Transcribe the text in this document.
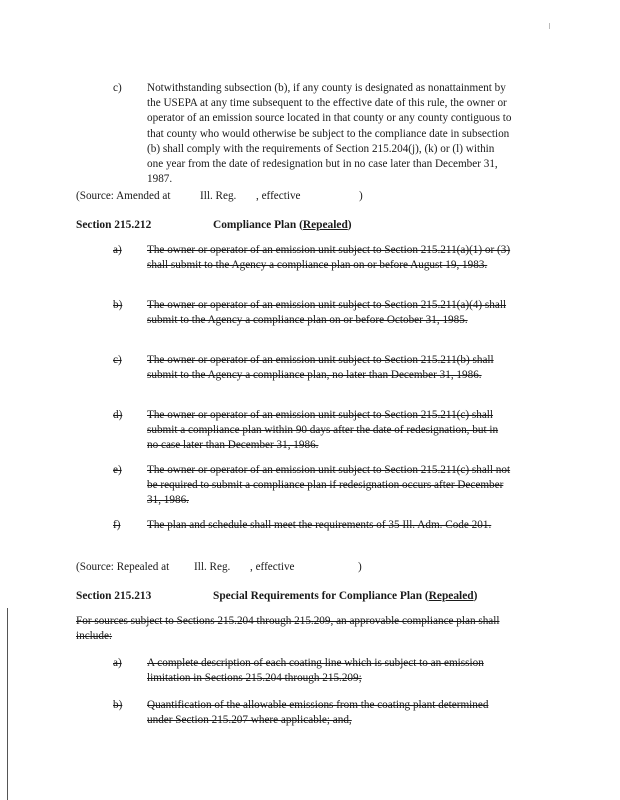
c) Notwithstanding subsection (b), if any county is designated as nonattainment by the USEPA at any time subsequent to the effective date of this rule, the owner or operator of an emission source located in that county or any county contiguous to that county who would otherwise be subject to the compliance date in subsection (b) shall comply with the requirements of Section 215.204(j), (k) or (l) within one year from the date of redesignation but in no case later than December 31, 1987.
(Source: Amended at	Ill. Reg. , effective	)
Section 215.212	Compliance Plan (Repealed)
a) The owner or operator of an emission unit subject to Section 215.211(a)(1) or (3) shall submit to the Agency a compliance plan on or before August 19, 1983.
b) The owner or operator of an emission unit subject to Section 215.211(a)(4) shall submit to the Agency a compliance plan on or before October 31, 1985.
c) The owner or operator of an emission unit subject to Section 215.211(b) shall submit to the Agency a compliance plan, no later than December 31, 1986.
d) The owner or operator of an emission unit subject to Section 215.211(c) shall submit a compliance plan within 90 days after the date of redesignation, but in no case later than December 31, 1986.
e) The owner or operator of an emission unit subject to Section 215.211(c) shall not be required to submit a compliance plan if redesignation occurs after December 31, 1986.
f) The plan and schedule shall meet the requirements of 35 Ill. Adm. Code 201.
(Source: Repealed at Ill. Reg. , effective	)
Section 215.213	Special Requirements for Compliance Plan (Repealed)
For sources subject to Sections 215.204 through 215.209, an approvable compliance plan shall include:
a) A complete description of each coating line which is subject to an emission limitation in Sections 215.204 through 215.209;
b) Quantification of the allowable emissions from the coating plant determined under Section 215.207 where applicable; and,
